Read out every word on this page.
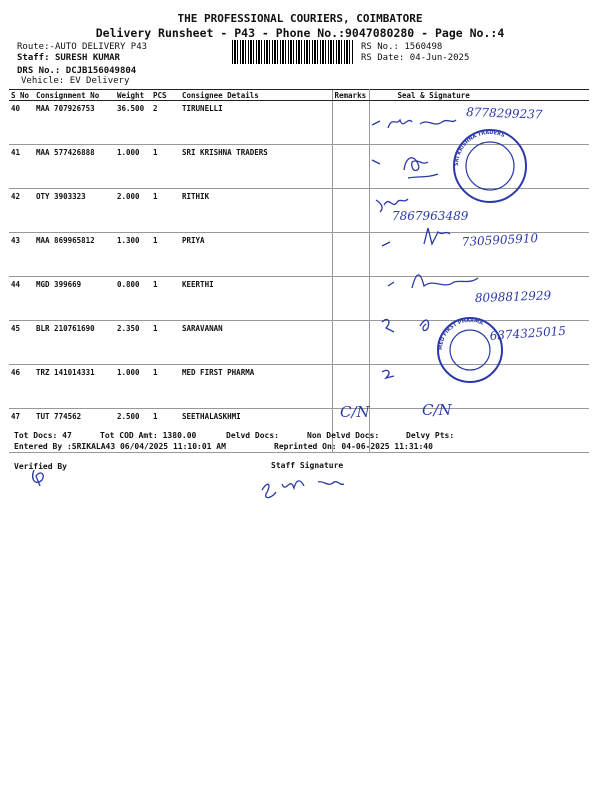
THE PROFESSIONAL COURIERS, COIMBATORE
Delivery Runsheet - P43 - Phone No.:9047080280 - Page No.:4
Route:-AUTO DELIVERY P43
Staff: SURESH KUMAR
DRS No.: DCJB156049804
Vehicle: EV Delivery
RS No.: 1560498
RS Date: 04-Jun-2025
S No	Consignment No	Weight	PCS	Consignee Details	Remarks	Seal & Signature
40	MAA 707926753	36.500	2	TIRUNELLI		
41	MAA 577426888	1.000	1	SRI KRISHNA TRADERS		
42	OTY 3903323	2.000	1	RITHIK		
43	MAA 869965812	1.300	1	PRIYA		
44	MGD 399669	0.800	1	KEERTHI		
45	BLR 210761690	2.350	1	SARAVANAN		
46	TRZ 141014331	1.000	1	MED FIRST PHARMA		
47	TUT 774562	2.500	1	SEETHALASKHMI		
8778299237
SRI KRISHNA TRADERS
7867963489
7305905910
8098812929
6374325015
MED FIRST PHARMA
C/N	C/N
Tot Docs: 47	Tot COD Amt: 1380.00	Delvd Docs:	Non Delvd Docs:	Delvy Pts:
Entered By :SRIKALA43 06/04/2025 11:10:01 AM	Reprinted On: 04-06-2025 11:31:40
Verified By	Staff Signature
